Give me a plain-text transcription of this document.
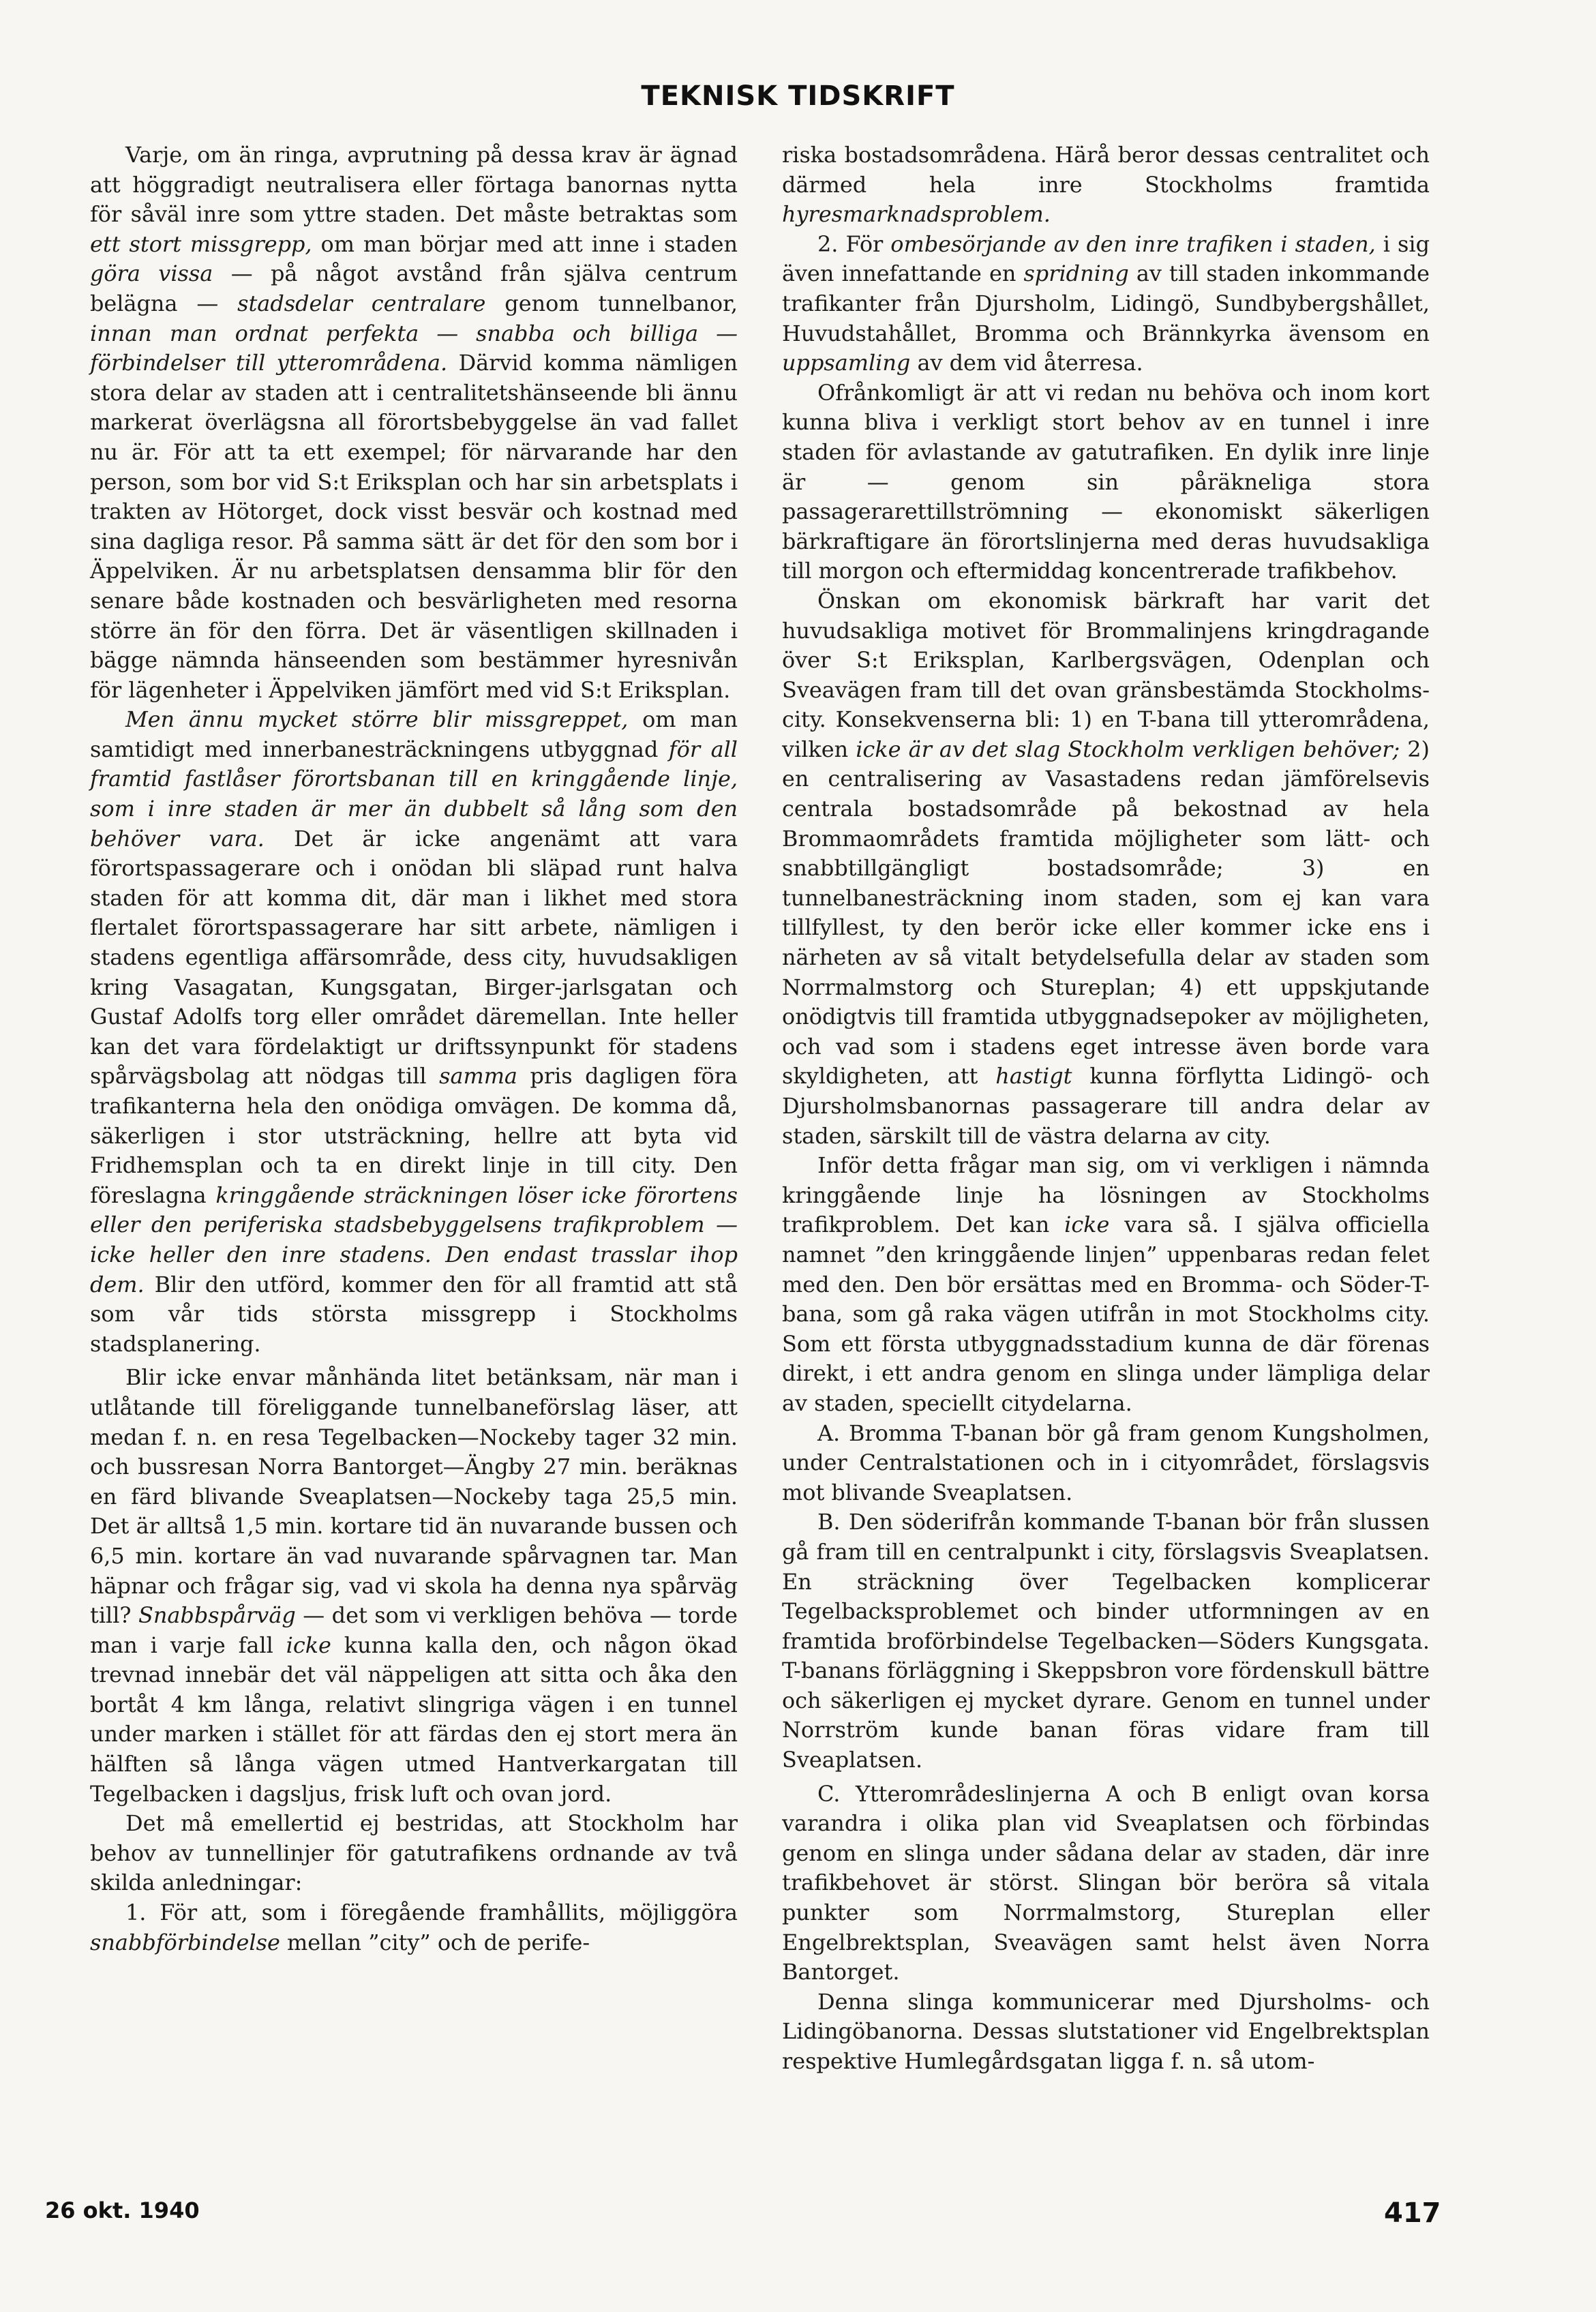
TEKNISK TIDSKRIFT

Varje, om än ringa, avprutning på dessa krav är ägnad att höggradigt neutralisera eller förtaga banornas nytta för såväl inre som yttre staden. Det måste betraktas som ett stort missgrepp, om man börjar med att inne i staden göra vissa — på något avstånd från själva centrum belägna — stadsdelar centralare genom tunnelbanor, innan man ordnat perfekta — snabba och billiga — förbindelser till ytterområdena. Därvid komma nämligen stora delar av staden att i centralitetshänseende bli ännu markerat överlägsna all förortsbebyggelse än vad fallet nu är. För att ta ett exempel; för närvarande har den person, som bor vid S:t Eriksplan och har sin arbetsplats i trakten av Hötorget, dock visst besvär och kostnad med sina dagliga resor. På samma sätt är det för den som bor i Äppelviken. Är nu arbetsplatsen densamma blir för den senare både kostnaden och besvärligheten med resorna större än för den förra. Det är väsentligen skillnaden i bägge nämnda hänseenden som bestämmer hyresnivån för lägenheter i Äppelviken jämfört med vid S:t Eriksplan.

Men ännu mycket större blir missgreppet, om man samtidigt med innerbanesträckningens utbyggnad för all framtid fastlåser förortsbanan till en kringgående linje, som i inre staden är mer än dubbelt så lång som den behöver vara. Det är icke angenämt att vara förortspassagerare och i onödan bli släpad runt halva staden för att komma dit, där man i likhet med stora flertalet förortspassagerare har sitt arbete, nämligen i stadens egentliga affärsområde, dess city, huvudsakligen kring Vasagatan, Kungsgatan, Birger-jarlsgatan och Gustaf Adolfs torg eller området däremellan. Inte heller kan det vara fördelaktigt ur driftssynpunkt för stadens spårvägsbolag att nödgas till samma pris dagligen föra trafikanterna hela den onödiga omvägen. De komma då, säkerligen i stor utsträckning, hellre att byta vid Fridhemsplan och ta en direkt linje in till city. Den föreslagna kringgående sträckningen löser icke förortens eller den periferiska stadsbebyggelsens trafikproblem — icke heller den inre stadens. Den endast trasslar ihop dem. Blir den utförd, kommer den för all framtid att stå som vår tids största missgrepp i Stockholms stadsplanering.

Blir icke envar månhända litet betänksam, när man i utlåtande till föreliggande tunnelbaneförslag läser, att medan f. n. en resa Tegelbacken—Nockeby tager 32 min. och bussresan Norra Bantorget—Ängby 27 min. beräknas en färd blivande Sveaplatsen—Nockeby taga 25,5 min. Det är alltså 1,5 min. kortare tid än nuvarande bussen och 6,5 min. kortare än vad nuvarande spårvagnen tar. Man häpnar och frågar sig, vad vi skola ha denna nya spårväg till? Snabbspårväg — det som vi verkligen behöva — torde man i varje fall icke kunna kalla den, och någon ökad trevnad innebär det väl näppeligen att sitta och åka den bortåt 4 km långa, relativt slingriga vägen i en tunnel under marken i stället för att färdas den ej stort mera än hälften så långa vägen utmed Hantverkargatan till Tegelbacken i dagsljus, frisk luft och ovan jord.

Det må emellertid ej bestridas, att Stockholm har behov av tunnellinjer för gatutrafikens ordnande av två skilda anledningar:

1. För att, som i föregående framhållits, möjliggöra snabbförbindelse mellan ”city” och de perife-

riska bostadsområdena. Härå beror dessas centralitet och därmed hela inre Stockholms framtida hyresmarknadsproblem.

2. För ombesörjande av den inre trafiken i staden, i sig även innefattande en spridning av till staden inkommande trafikanter från Djursholm, Lidingö, Sundbybergshållet, Huvudstahållet, Bromma och Brännkyrka ävensom en uppsamling av dem vid återresa.

Ofrånkomligt är att vi redan nu behöva och inom kort kunna bliva i verkligt stort behov av en tunnel i inre staden för avlastande av gatutrafiken. En dylik inre linje är — genom sin påräkneliga stora passagerarettillströmning — ekonomiskt säkerligen bärkraftigare än förortslinjerna med deras huvudsakliga till morgon och eftermiddag koncentrerade trafikbehov.

Önskan om ekonomisk bärkraft har varit det huvudsakliga motivet för Brommalinjens kringdragande över S:t Eriksplan, Karlbergsvägen, Odenplan och Sveavägen fram till det ovan gränsbestämda Stockholms-city. Konsekvenserna bli: 1) en T-bana till ytterområdena, vilken icke är av det slag Stockholm verkligen behöver; 2) en centralisering av Vasastadens redan jämförelsevis centrala bostadsområde på bekostnad av hela Brommaområdets framtida möjligheter som lätt- och snabbtillgängligt bostadsområde; 3) en tunnelbanesträckning inom staden, som ej kan vara tillfyllest, ty den berör icke eller kommer icke ens i närheten av så vitalt betydelsefulla delar av staden som Norrmalmstorg och Stureplan; 4) ett uppskjutande onödigtvis till framtida utbyggnadsepoker av möjligheten, och vad som i stadens eget intresse även borde vara skyldigheten, att hastigt kunna förflytta Lidingö- och Djursholmsbanornas passagerare till andra delar av staden, särskilt till de västra delarna av city.

Inför detta frågar man sig, om vi verkligen i nämnda kringgående linje ha lösningen av Stockholms trafikproblem. Det kan icke vara så. I själva officiella namnet ”den kringgående linjen” uppenbaras redan felet med den. Den bör ersättas med en Bromma- och Söder-T-bana, som gå raka vägen utifrån in mot Stockholms city. Som ett första utbyggnadsstadium kunna de där förenas direkt, i ett andra genom en slinga under lämpliga delar av staden, speciellt citydelarna.

A. Bromma T-banan bör gå fram genom Kungsholmen, under Centralstationen och in i cityområdet, förslagsvis mot blivande Sveaplatsen.

B. Den söderifrån kommande T-banan bör från slussen gå fram till en centralpunkt i city, förslagsvis Sveaplatsen. En sträckning över Tegelbacken komplicerar Tegelbacksproblemet och binder utformningen av en framtida broförbindelse Tegelbacken—Söders Kungsgata. T-banans förläggning i Skeppsbron vore fördenskull bättre och säkerligen ej mycket dyrare. Genom en tunnel under Norrström kunde banan föras vidare fram till Sveaplatsen.

C. Ytterområdeslinjerna A och B enligt ovan korsa varandra i olika plan vid Sveaplatsen och förbindas genom en slinga under sådana delar av staden, där inre trafikbehovet är störst. Slingan bör beröra så vitala punkter som Norrmalmstorg, Stureplan eller Engelbrektsplan, Sveavägen samt helst även Norra Bantorget.

Denna slinga kommunicerar med Djursholms- och Lidingöbanorna. Dessas slutstationer vid Engelbrektsplan respektive Humlegårdsgatan ligga f. n. så utom-

26 okt. 1940	417
